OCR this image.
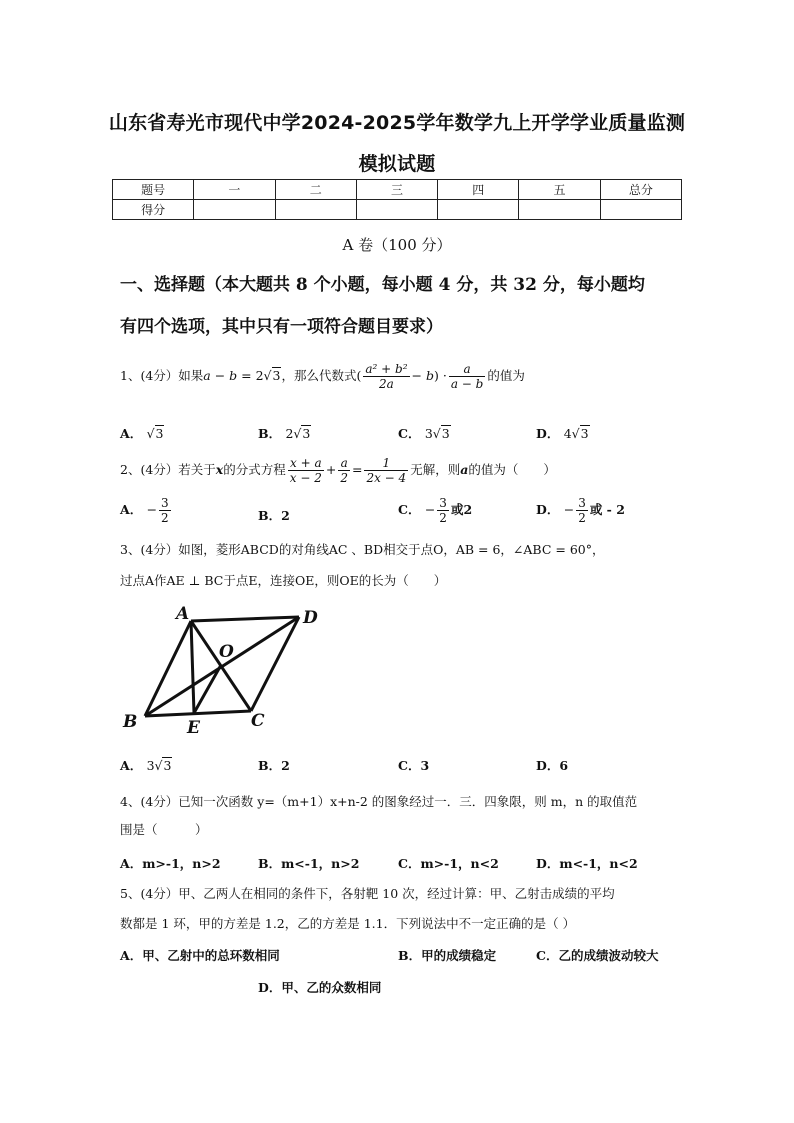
山东省寿光市现代中学2024-2025学年数学九上开学学业质量监测
模拟试题
题号	一	二	三	四	五	总分
得分						
A 卷（100 分）
一、选择题（本大题共 8 个小题，每小题 4 分，共 32 分，每小题均
有四个选项，其中只有一项符合题目要求）
1、(4分）如果a − b = 2√3，那么代数式( $\frac{\text{a² + b²}}{2a} - b) \cdot \frac{a}{a - b}$ 的值为
A． √3	B． 2√3	C． 3√3	D． 4√3
2、(4分）若关于x的分式方程 $\frac{x + a}{x - 2} + \frac{a}{2} = \frac{1}{2x - 4}$ 无解，则a的值为（　　）
A． − $\frac{3}{2}$	B．2	C． − $\frac{3}{2}$ 或2	D． − $\frac{3}{2}$ 或 - 2
3、(4分）如图，菱形ABCD的对角线AC 、BD相交于点O，AB = 6，∠ABC = 60°，
过点A作AE ⊥ BC于点E，连接OE，则OE的长为（　　）
A	D
O
B	E	C
A． 3√3	B．2	C．3	D．6
4、(4分）已知一次函数 y=（m+1）x+n-2 的图象经过一．三．四象限，则 m，n 的取值范
围是（　　　）
A．m>-1，n>2	B．m<-1，n>2	C．m>-1，n<2	D．m<-1，n<2
5、(4分）甲、乙两人在相同的条件下，各射靶 10 次，经过计算：甲、乙射击成绩的平均
数都是 1 环，甲的方差是 1.2，乙的方差是 1.1．下列说法中不一定正确的是（ ）
A．甲、乙射中的总环数相同	B．甲的成绩稳定	C．乙的成绩波动较大
D．甲、乙的众数相同
